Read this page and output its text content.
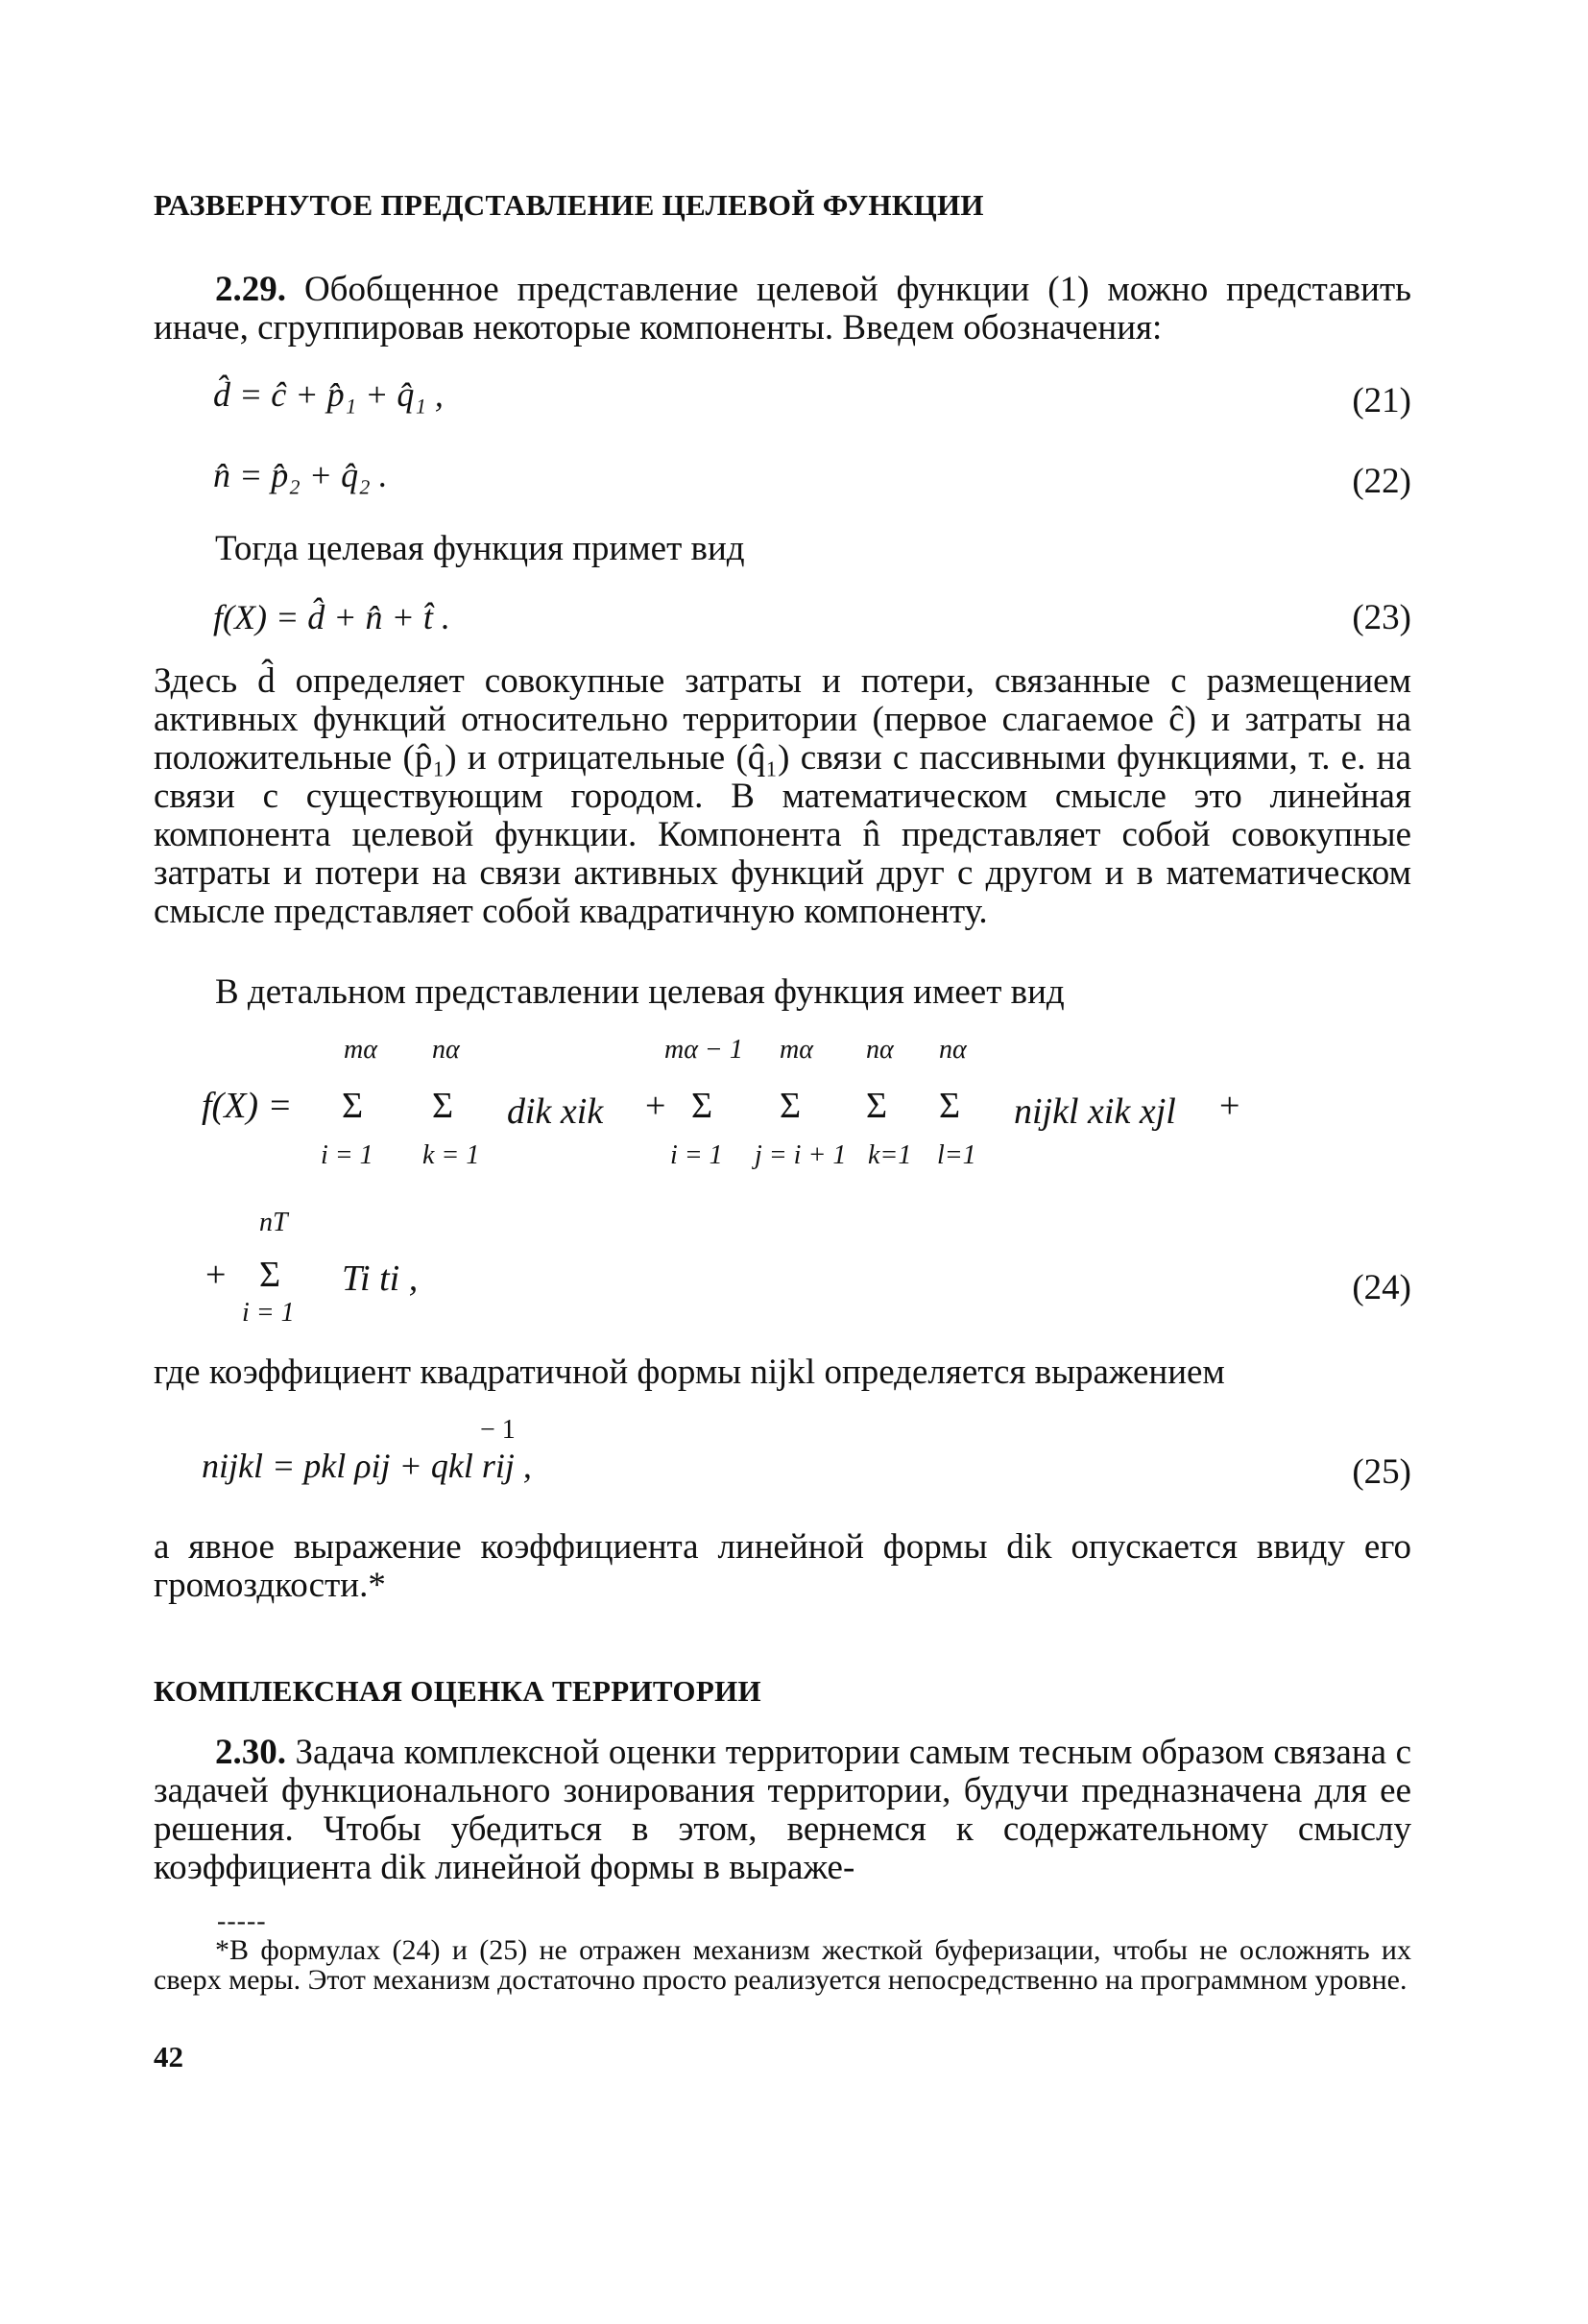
РАЗВЕРНУТОЕ ПРЕДСТАВЛЕНИЕ ЦЕЛЕВОЙ ФУНКЦИИ
2.29. Обобщенное представление целевой функции (1) можно представить иначе, сгруппировав некоторые компоненты. Введем обозначения:
d̂ = ĉ + p̂₁ + q̂₁ ,	(21)
n̂ = p̂₂ + q̂₂ .	(22)
Тогда целевая функция примет вид
f(X) = d̂ + n̂ + t̂ .	(23)
Здесь d̂ определяет совокупные затраты и потери, связанные с размещением активных функций относительно территории (первое слагаемое ĉ) и затраты на положительные (p̂₁) и отрицательные (q̂₁) связи с пассивными функциями, т. е. на связи с существующим городом. В математическом смысле это линейная компонента целевой функции. Компонента n̂ представляет собой совокупные затраты и потери на связи активных функций друг с другом и в математическом смысле представляет собой квадратичную компоненту.
В детальном представлении целевая функция имеет вид
mα nα	mα − 1 mα nα nα
f(X) = Σ Σ dik xik + Σ Σ Σ Σ nijkl xik xjl +
i = 1 k = 1	i = 1 j = i + 1 k=1 l=1
nT
+ Σ Ti ti ,
i = 1
(24)
где коэффициент квадратичной формы nijkl определяется выражением
− 1
nijkl = pkl ρij + qkl rij ,	(25)
а явное выражение коэффициента линейной формы dik опускается ввиду его громоздкости.*
КОМПЛЕКСНАЯ ОЦЕНКА ТЕРРИТОРИИ
2.30. Задача комплексной оценки территории самым тесным образом связана с задачей функционального зонирования территории, будучи предназначена для ее решения. Чтобы убедиться в этом, вернемся к содержательному смыслу коэффициента dik линейной формы в выраже-
-----
*В формулах (24) и (25) не отражен механизм жесткой буферизации, чтобы не осложнять их сверх меры. Этот механизм достаточно просто реализуется непосредственно на программном уровне.
42
